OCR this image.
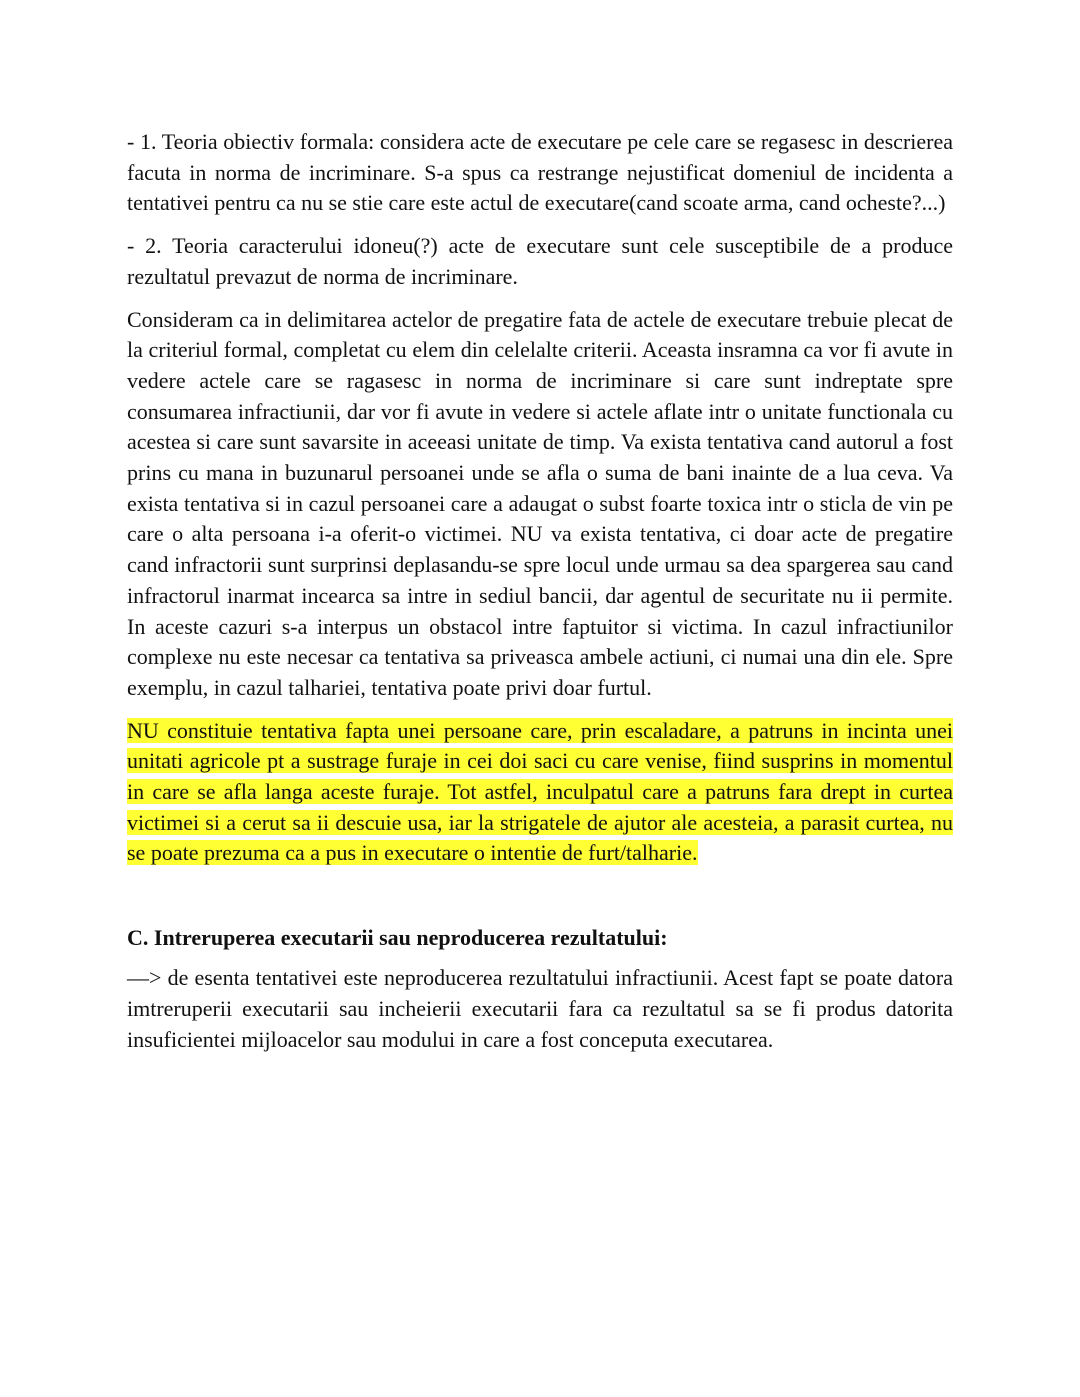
- 1. Teoria obiectiv formala: considera acte de executare pe cele care se regasesc in descrierea facuta in norma de incriminare. S-a spus ca restrange nejustificat domeniul de incidenta a tentativei pentru ca nu se stie care este actul de executare(cand scoate arma, cand ocheste?...)

- 2. Teoria caracterului idoneu(?) acte de executare sunt cele susceptibile de a produce rezultatul prevazut de norma de incriminare.

Consideram ca in delimitarea actelor de pregatire fata de actele de executare trebuie plecat de la criteriul formal, completat cu elem din celelalte criterii. Aceasta insramna ca vor fi avute in vedere actele care se ragasesc in norma de incriminare si care sunt indreptate spre consumarea infractiunii, dar vor fi avute in vedere si actele aflate intr o unitate functionala cu acestea si care sunt savarsite in aceeasi unitate de timp. Va exista tentativa cand autorul a fost prins cu mana in buzunarul persoanei unde se afla o suma de bani inainte de a lua ceva. Va exista tentativa si in cazul persoanei care a adaugat o subst foarte toxica intr o sticla de vin pe care o alta persoana i-a oferit-o victimei. NU va exista tentativa, ci doar acte de pregatire cand infractorii sunt surprinsi deplasandu-se spre locul unde urmau sa dea spargerea sau cand infractorul inarmat incearca sa intre in sediul bancii, dar agentul de securitate nu ii permite. In aceste cazuri s-a interpus un obstacol intre faptuitor si victima. In cazul infractiunilor complexe nu este necesar ca tentativa sa priveasca ambele actiuni, ci numai una din ele. Spre exemplu, in cazul talhariei, tentativa poate privi doar furtul.

NU constituie tentativa fapta unei persoane care, prin escaladare, a patruns in incinta unei unitati agricole pt a sustrage furaje in cei doi saci cu care venise, fiind susprins in momentul in care se afla langa aceste furaje. Tot astfel, inculpatul care a patruns fara drept in curtea victimei si a cerut sa ii descuie usa, iar la strigatele de ajutor ale acesteia, a parasit curtea, nu se poate prezuma ca a pus in executare o intentie de furt/talharie.

C. Intreruperea executarii sau neproducerea rezultatului:

—> de esenta tentativei este neproducerea rezultatului infractiunii. Acest fapt se poate datora imtreruperii executarii sau incheierii executarii fara ca rezultatul sa se fi produs datorita insuficientei mijloacelor sau modului in care a fost conceputa executarea.
